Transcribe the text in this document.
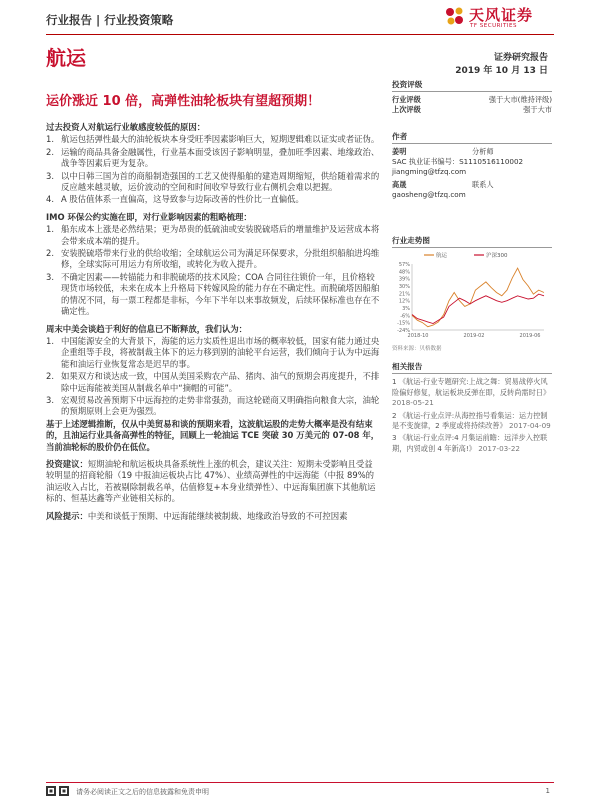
行业报告 | 行业投资策略	天风证券
TF SECURITIES
航运	证券研究报告
2019 年 10 月 13 日
运价涨近 10 倍，高弹性油轮板块有望超预期！
过去投资人对航运行业敏感度较低的原因：
1. 航运包括弹性最大的油轮板块本身受旺季因素影响巨大，短期逻辑难以证实或者证伪。
2. 运输的商品具备金融属性，行业基本面受该因子影响明显，叠加旺季因素、地缘政治、战争等因素后更为复杂。
3. 以中日韩三国为首的商船制造强国的工艺又使得船舶的建造周期缩短，供给随着需求的反应越来越灵敏，运价波动的空间和时间收窄导致行业右侧机会难以把握。
4. A 股估值体系一直偏高，这导致参与边际改善的性价比一直偏低。
IMO 环保公约实施在即，对行业影响因素的粗略梳理：
1. 船东成本上涨是必然结果；更为昂贵的低硫油或安装脱硫塔后的增量维护及运营成本将会带来成本端的提升。
2. 安装脱硫塔带来行业的供给收缩；全球航运公司为满足环保要求，分批组织船舶进坞维修，全球实际可用运力有所收缩，或转化为收入提升。
3. 不确定因素——转锚能力和非脱硫塔的技术风险；COA 合同往往锁价一年，且价格较现货市场较低，未来在成本上升格局下转嫁风险的能力存在不确定性。而脱硫塔因船舶的情况不同，每一票工程都是非标，今年下半年以来事故频发，后续环保标准也存在不确定性。
周末中美会谈趋于利好的信息已不断释放，我们认为：
1. 中国能源安全的大背景下，海能的运力实质性退出市场的概率较低，国家有能力通过央企重组等手段，将被制裁主体下的运力移到别的油轮平台运营，我们倾向于认为中远海能和油运行业恢复常态是迟早的事。
2. 如果双方和谈达成一致，中国从美国采购农产品、猪肉、油气的预期会再度提升，不排除中远海能被美国从制裁名单中“摘帽的可能”。
3. 宏观贸易改善预期下中远海控的走势非常强劲，而这轮磋商又明确指向粮食大宗，油轮的预期原则上会更为强烈。

基于上述逻辑推断，仅从中美贸易和谈的预期来看，这波航运股的走势大概率是没有结束的，且油运行业具备高弹性的特征，回顾上一轮油运 TCE 突破 30 万美元的 07-08 年，当前油轮标的股价仍在低位。

投资建议：短期油轮和航运板块具备系统性上涨的机会，建议关注：短期未受影响且受益较明显的招商轮船（19 中报油运板块占比 47%）、业绩高弹性的中远海能（中报 89%的油运收入占比，若被剔除制裁名单，估值修复+本身业绩弹性）、中远海集团旗下其他航运标的、恒基达鑫等产业链相关标的。

风险提示：中美和谈低于预期、中远海能继续被制裁、地缘政治导致的不可控因素

投资评级
行业评级	强于大市(维持评级)
上次评级	强于大市
作者
姜明	分析师
SAC 执业证书编号：S1110516110002
jiangming@tfzq.com
高晟	联系人
gaosheng@tfzq.com
行业走势图
航运	沪深300
57%
48%
39%
30%
21%
12%
3%
-6%
-15%
-24%
2018-10	2019-02	2019-06
资料来源：贝格数据
相关报告
1 《航运-行业专题研究:上战之舞：贸易战停火风险偏好修复，航运板块反弹在即，反转尚需时日》 2018-05-21
2 《航运-行业点评:从海控指号看集运：运力控制是不变旋律，2 季度或将持续改善》 2017-04-09
3 《航运-行业点评:4 月集运前瞻：远洋步入控联期，内贸或创 4 年新高!》 2017-03-22
请务必阅读正文之后的信息披露和免责申明	1
